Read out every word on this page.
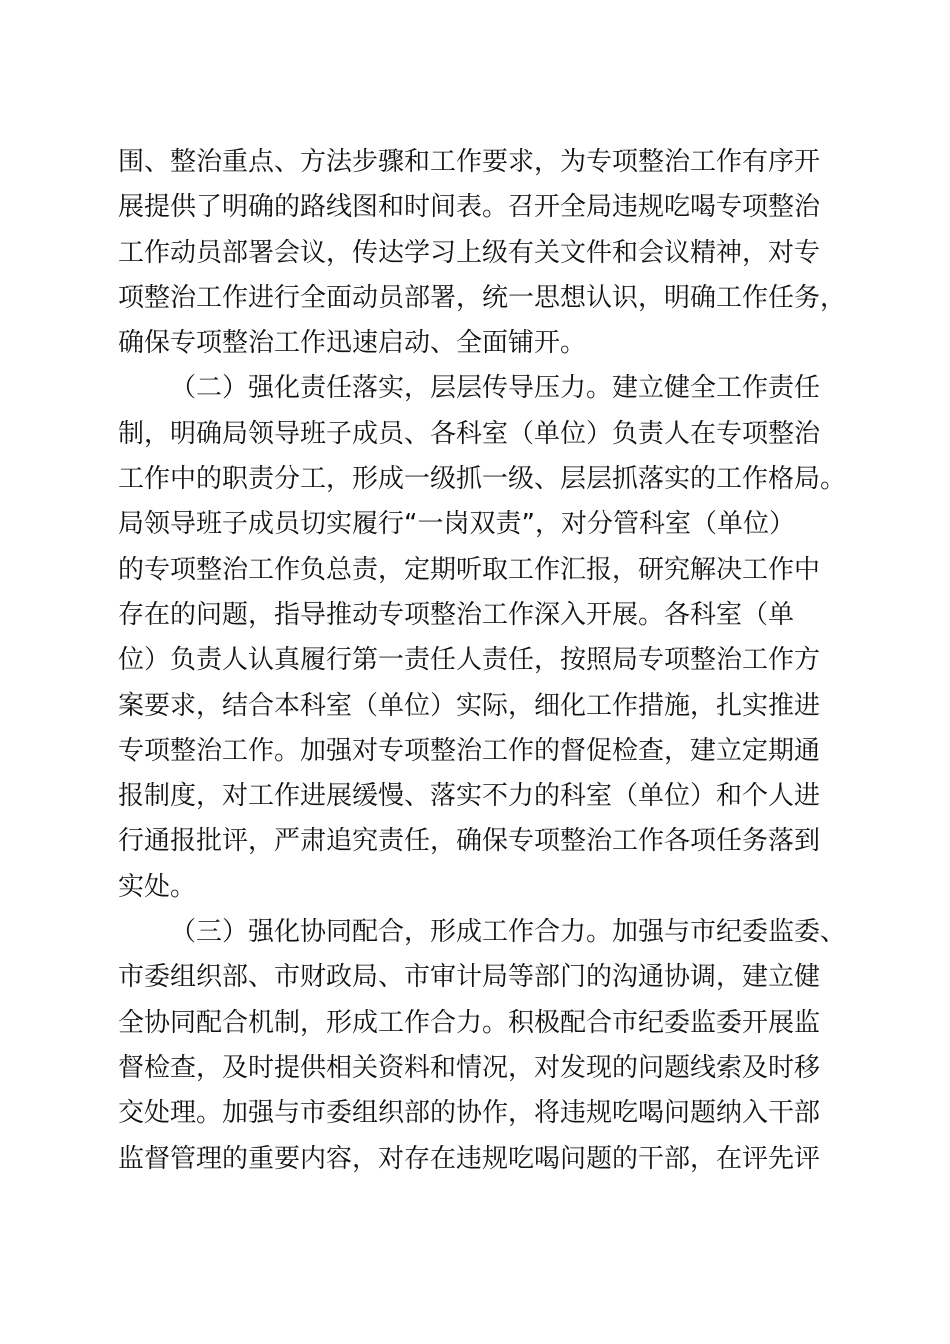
围、整治重点、方法步骤和工作要求，为专项整治工作有序开
展提供了明确的路线图和时间表。召开全局违规吃喝专项整治
工作动员部署会议，传达学习上级有关文件和会议精神，对专
项整治工作进行全面动员部署，统一思想认识，明确工作任务，
确保专项整治工作迅速启动、全面铺开。
（二）强化责任落实，层层传导压力。建立健全工作责任
制，明确局领导班子成员、各科室（单位）负责人在专项整治
工作中的职责分工，形成一级抓一级、层层抓落实的工作格局。
局领导班子成员切实履行“一岗双责”，对分管科室（单位）
的专项整治工作负总责，定期听取工作汇报，研究解决工作中
存在的问题，指导推动专项整治工作深入开展。各科室（单
位）负责人认真履行第一责任人责任，按照局专项整治工作方
案要求，结合本科室（单位）实际，细化工作措施，扎实推进
专项整治工作。加强对专项整治工作的督促检查，建立定期通
报制度，对工作进展缓慢、落实不力的科室（单位）和个人进
行通报批评，严肃追究责任，确保专项整治工作各项任务落到
实处。
（三）强化协同配合，形成工作合力。加强与市纪委监委、
市委组织部、市财政局、市审计局等部门的沟通协调，建立健
全协同配合机制，形成工作合力。积极配合市纪委监委开展监
督检查，及时提供相关资料和情况，对发现的问题线索及时移
交处理。加强与市委组织部的协作，将违规吃喝问题纳入干部
监督管理的重要内容，对存在违规吃喝问题的干部，在评先评
